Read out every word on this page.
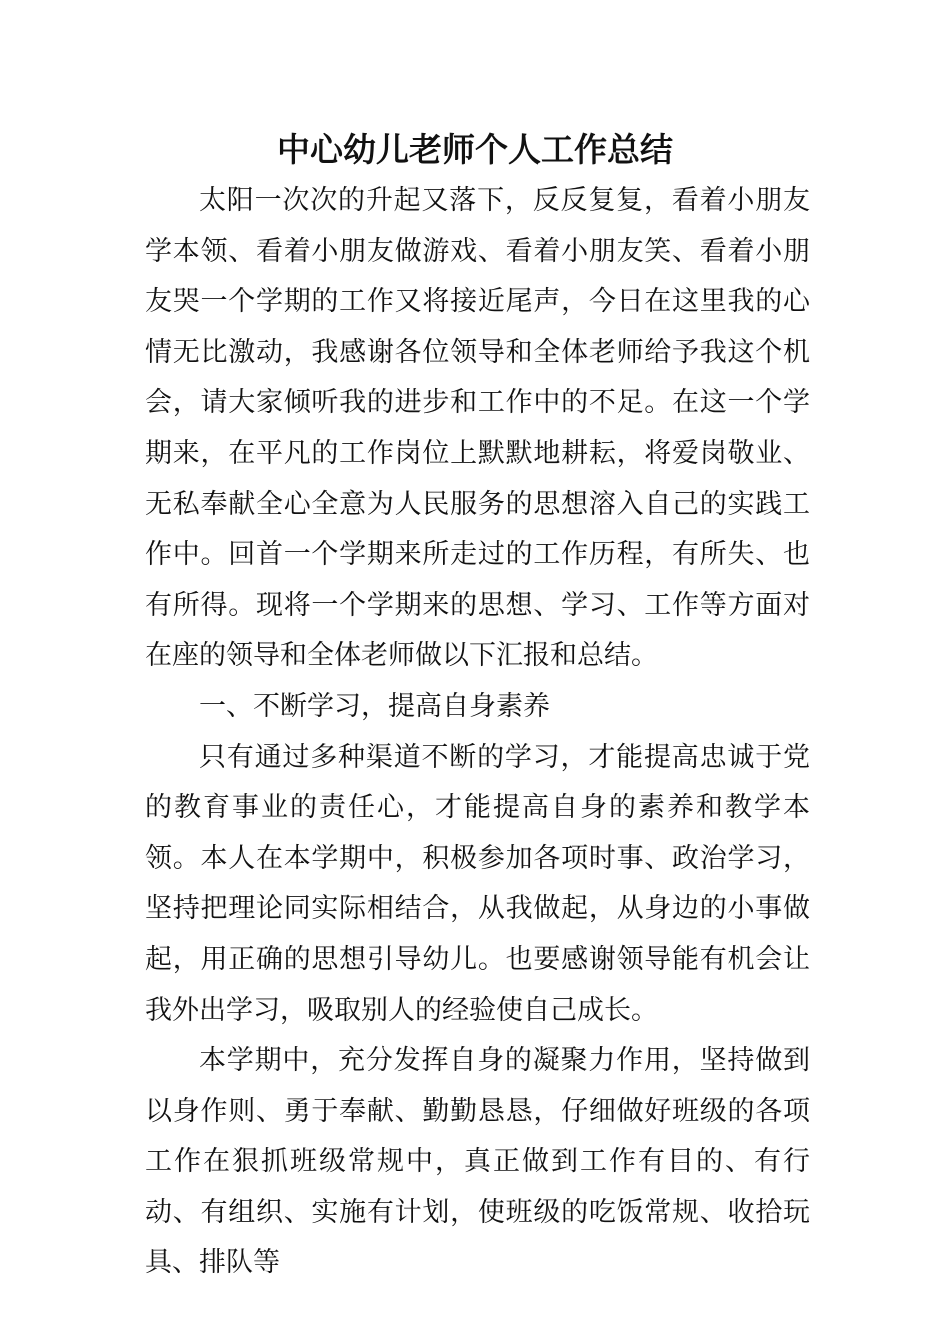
中心幼儿老师个人工作总结

太阳一次次的升起又落下，反反复复，看着小朋友学本领、看着小朋友做游戏、看着小朋友笑、看着小朋友哭一个学期的工作又将接近尾声，今日在这里我的心情无比激动，我感谢各位领导和全体老师给予我这个机会，请大家倾听我的进步和工作中的不足。在这一个学期来，在平凡的工作岗位上默默地耕耘，将爱岗敬业、无私奉献全心全意为人民服务的思想溶入自己的实践工作中。回首一个学期来所走过的工作历程，有所失、也有所得。现将一个学期来的思想、学习、工作等方面对在座的领导和全体老师做以下汇报和总结。

一、不断学习，提高自身素养

只有通过多种渠道不断的学习，才能提高忠诚于党的教育事业的责任心，才能提高自身的素养和教学本领。本人在本学期中，积极参加各项时事、政治学习，坚持把理论同实际相结合，从我做起，从身边的小事做起，用正确的思想引导幼儿。也要感谢领导能有机会让我外出学习，吸取别人的经验使自己成长。

本学期中，充分发挥自身的凝聚力作用，坚持做到以身作则、勇于奉献、勤勤恳恳，仔细做好班级的各项工作在狠抓班级常规中，真正做到工作有目的、有行动、有组织、实施有计划，使班级的吃饭常规、收拾玩具、排队等
